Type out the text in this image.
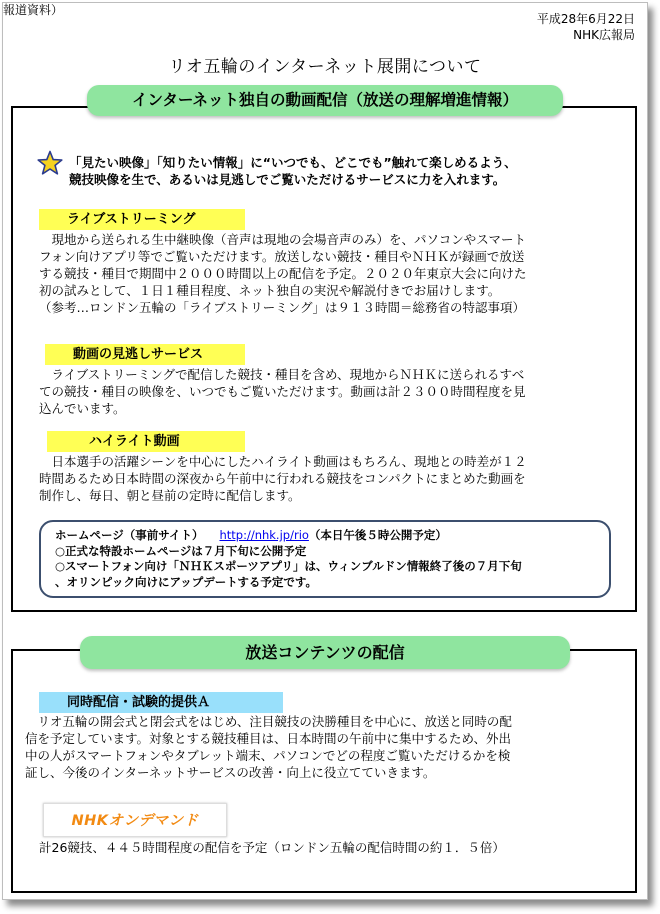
報道資料）
平成28年6月22日
NHK広報局
リオ五輪のインターネット展開について
インターネット独自の動画配信（放送の理解増進情報）
「見たい映像」「知りたい情報」に“いつでも、どこでも”触れて楽しめるよう、
競技映像を生で、あるいは見逃しでご覧いただけるサービスに力を入れます。
ライブストリーミング
　現地から送られる生中継映像（音声は現地の会場音声のみ）を、パソコンやスマート
フォン向けアプリ等でご覧いただけます。放送しない競技・種目やＮＨＫが録画で放送
する競技・種目で期間中２０００時間以上の配信を予定。２０２０年東京大会に向けた
初の試みとして、１日１種目程度、ネット独自の実況や解説付きでお届けします。
（参考…ロンドン五輪の「ライブストリーミング」は９１３時間＝総務省の特認事項）
動画の見逃しサービス
　ライブストリーミングで配信した競技・種目を含め、現地からＮＨＫに送られるすべ
ての競技・種目の映像を、いつでもご覧いただけます。動画は計２３００時間程度を見
込んでいます。
ハイライト動画
　日本選手の活躍シーンを中心にしたハイライト動画はもちろん、現地との時差が１２
時間あるため日本時間の深夜から午前中に行われる競技をコンパクトにまとめた動画を
制作し、毎日、朝と昼前の定時に配信します。
ホームページ（事前サイト） http://nhk.jp/rio（本日午後５時公開予定）
○正式な特設ホームページは７月下旬に公開予定
○スマートフォン向け「ＮＨＫスポーツアプリ」は、ウィンブルドン情報終了後の７月下旬
、オリンピック向けにアップデートする予定です。
放送コンテンツの配信
同時配信・試験的提供Ａ
　リオ五輪の開会式と閉会式をはじめ、注目競技の決勝種目を中心に、放送と同時の配
信を予定しています。対象とする競技種目は、日本時間の午前中に集中するため、外出
中の人がスマートフォンやタブレット端末、パソコンでどの程度ご覧いただけるかを検
証し、今後のインターネットサービスの改善・向上に役立てていきます。
NHKオンデマンド
計26競技、４４５時間程度の配信を予定（ロンドン五輪の配信時間の約１．５倍）
